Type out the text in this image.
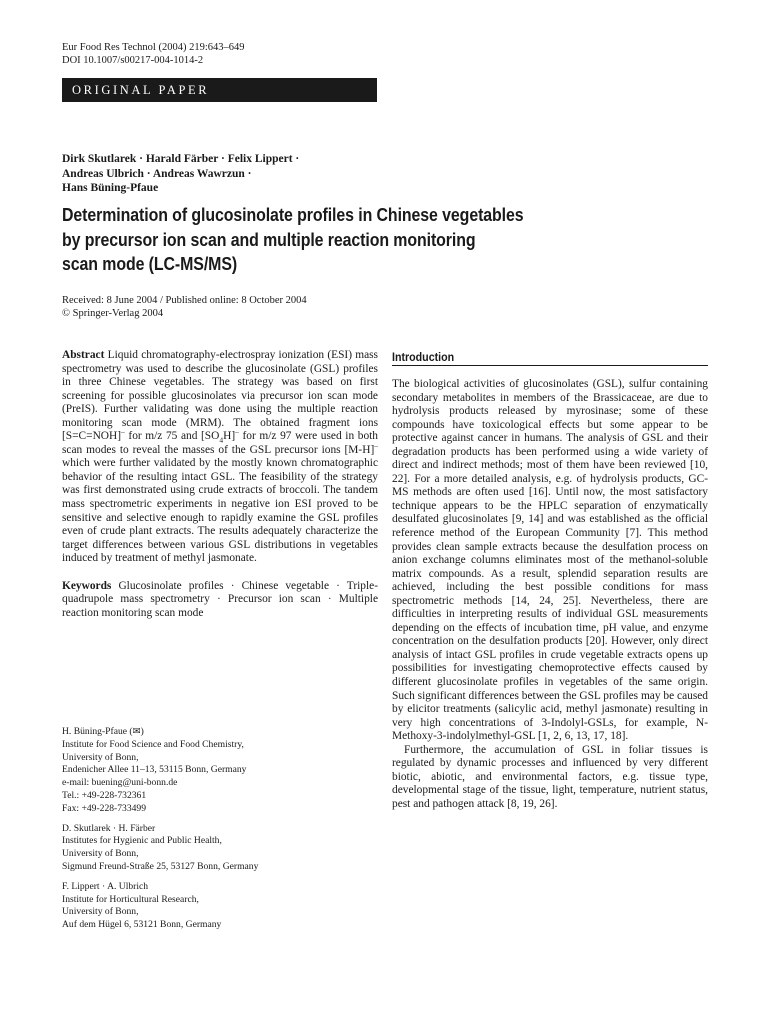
Eur Food Res Technol (2004) 219:643–649
DOI 10.1007/s00217-004-1014-2
ORIGINAL PAPER
Dirk Skutlarek · Harald Färber · Felix Lippert ·
Andreas Ulbrich · Andreas Wawrzun ·
Hans Büning-Pfaue
Determination of glucosinolate profiles in Chinese vegetables
by precursor ion scan and multiple reaction monitoring
scan mode (LC-MS/MS)
Received: 8 June 2004 / Published online: 8 October 2004
© Springer-Verlag 2004

Abstract Liquid chromatography-electrospray ionization (ESI) mass spectrometry was used to describe the glucosinolate (GSL) profiles in three Chinese vegetables. The strategy was based on first screening for possible glucosinolates via precursor ion scan mode (PreIS). Further validating was done using the multiple reaction monitoring scan mode (MRM). The obtained fragment ions [S=C=NOH]– for m/z 75 and $[SO_4H]^-$ for m/z 97 were used in both scan modes to reveal the masses of the GSL precursor ions [M-H]– which were further validated by the mostly known chromatographic behavior of the resulting intact GSL. The feasibility of the strategy was first demonstrated using crude extracts of broccoli. The tandem mass spectrometric experiments in negative ion ESI proved to be sensitive and selective enough to rapidly examine the GSL profiles even of crude plant extracts. The results adequately characterize the target differences between various GSL distributions in vegetables induced by treatment of methyl jasmonate.

Keywords Glucosinolate profiles · Chinese vegetable · Triple-quadrupole mass spectrometry · Precursor ion scan · Multiple reaction monitoring scan mode

H. Büning-Pfaue (✉)
Institute for Food Science and Food Chemistry,
University of Bonn,
Endenicher Allee 11–13, 53115 Bonn, Germany
e-mail: buening@uni-bonn.de
Tel.: +49-228-732361
Fax: +49-228-733499
D. Skutlarek · H. Färber
Institutes for Hygienic and Public Health,
University of Bonn,
Sigmund Freund-Straße 25, 53127 Bonn, Germany
F. Lippert · A. Ulbrich
Institute for Horticultural Research,
University of Bonn,
Auf dem Hügel 6, 53121 Bonn, Germany
Introduction

The biological activities of glucosinolates (GSL), sulfur containing secondary metabolites in members of the Brassicaceae, are due to hydrolysis products released by myrosinase; some of these compounds have toxicological effects but some appear to be protective against cancer in humans. The analysis of GSL and their degradation products has been performed using a wide variety of direct and indirect methods; most of them have been reviewed [10, 22]. For a more detailed analysis, e.g. of hydrolysis products, GC-MS methods are often used [16]. Until now, the most satisfactory technique appears to be the HPLC separation of enzymatically desulfated glucosinolates [9, 14] and was established as the official reference method of the European Community [7]. This method provides clean sample extracts because the desulfation process on anion exchange columns eliminates most of the methanol-soluble matrix compounds. As a result, splendid separation results are achieved, including the best possible conditions for mass spectrometric methods [14, 24, 25]. Nevertheless, there are difficulties in interpreting results of individual GSL measurements depending on the effects of incubation time, pH value, and enzyme concentration on the desulfation products [20]. However, only direct analysis of intact GSL profiles in crude vegetable extracts opens up possibilities for investigating chemoprotective effects caused by different glucosinolate profiles in vegetables of the same origin. Such significant differences between the GSL profiles may be caused by elicitor treatments (salicylic acid, methyl jasmonate) resulting in very high concentrations of 3-Indolyl-GSLs, for example, N-Methoxy-3-indolylmethyl-GSL [1, 2, 6, 13, 17, 18].

Furthermore, the accumulation of GSL in foliar tissues is regulated by dynamic processes and influenced by very different biotic, abiotic, and environmental factors, e.g. tissue type, developmental stage of the tissue, light, temperature, nutrient status, pest and pathogen attack [8, 19, 26].
